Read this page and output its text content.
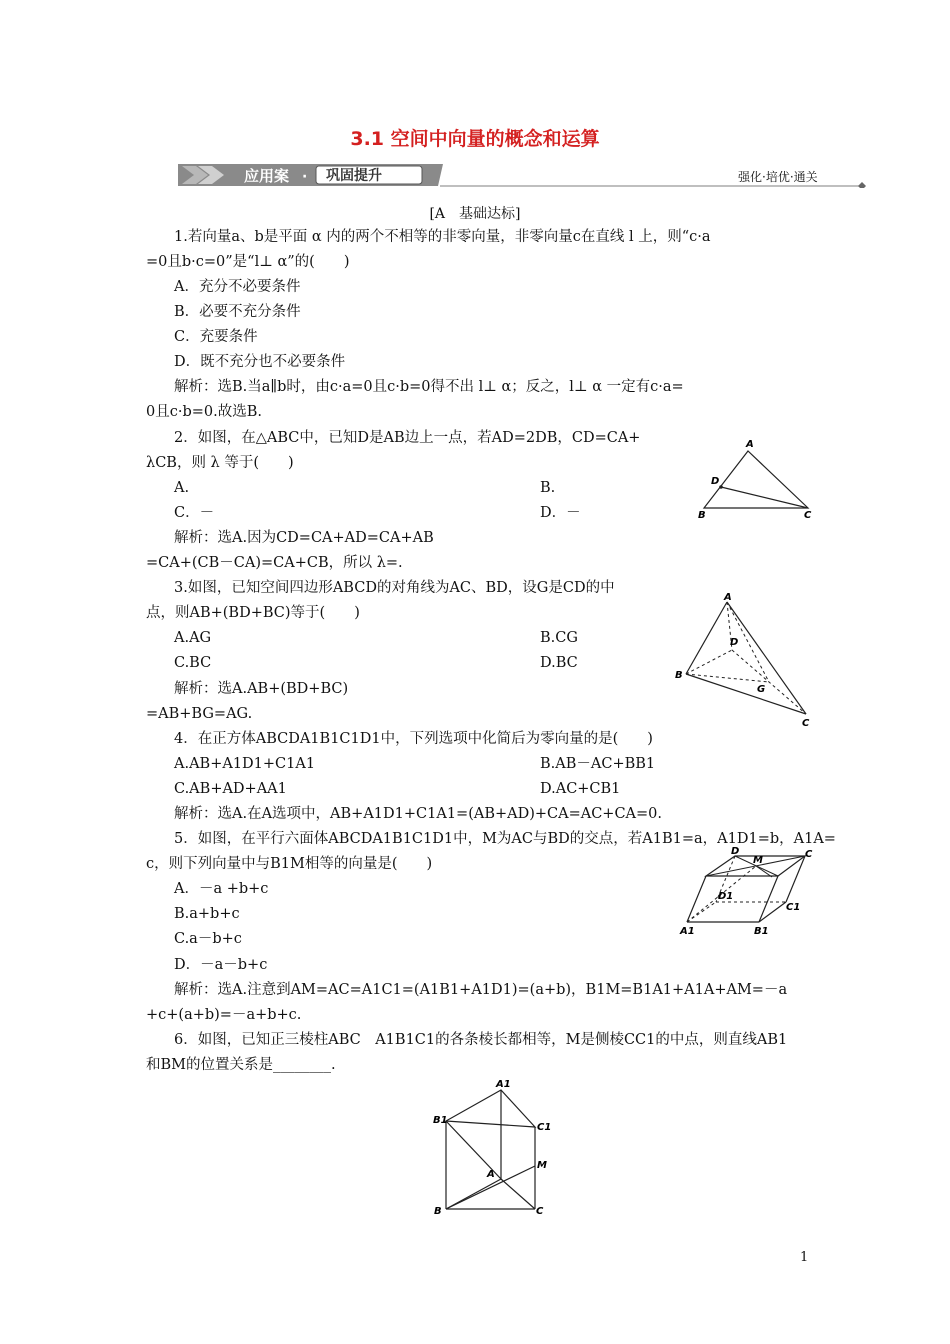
3.1 空间中向量的概念和运算
应用案 · 巩固提升	强化·培优·通关
[A　基础达标]
1.若向量a、b是平面 α 内的两个不相等的非零向量，非零向量c在直线 l 上，则“c·a
=0且b·c=0”是“l⊥ α”的(　　)
A．充分不必要条件
B．必要不充分条件
C．充要条件
D．既不充分也不必要条件
解析：选B.当a∥b时，由c·a=0且c·b=0得不出 l⊥ α；反之，l⊥ α 一定有c·a=
0且c·b=0.故选B.
2．如图，在△ABC中，已知D是AB边上一点，若AD=2DB，CD=CA+
λCB，则 λ 等于(　　)
A.	B.
C．－	D．－
解析：选A.因为CD=CA+AD=CA+AB
=CA+(CB－CA)=CA+CB，所以 λ=.
3.如图，已知空间四边形ABCD的对角线为AC、BD，设G是CD的中
点，则AB+(BD+BC)等于(　　)
A.AG	B.CG
C.BC	D.BC
解析：选A.AB+(BD+BC)
=AB+BG=AG.
4．在正方体ABCDA1B1C1D1中，下列选项中化简后为零向量的是(　　)
A.AB+A1D1+C1A1	B.AB－AC+BB1
C.AB+AD+AA1	D.AC+CB1
解析：选A.在A选项中，AB+A1D1+C1A1=(AB+AD)+CA=AC+CA=0.
5．如图，在平行六面体ABCDA1B1C1D1中，M为AC与BD的交点，若A1B1=a，A1D1=b，A1A=
c，则下列向量中与B1M相等的向量是(　　)
A．－a +b+c
B.a+b+c
C.a－b+c
D．－a－b+c
解析：选A.注意到AM=AC=A1C1=(A1B1+A1D1)=(a+b)，B1M=B1A1+A1A+AM=－a
+c+(a+b)=－a+b+c.
6．如图，已知正三棱柱ABC　A1B1C1的各条棱长都相等，M是侧棱CC1的中点，则直线AB1
和BM的位置关系是________.
A
D
B	C
A
D
B
G
C
D
M
C
D1
C1
A1	B1
A1
B1
C1
M
A
B	C
1
